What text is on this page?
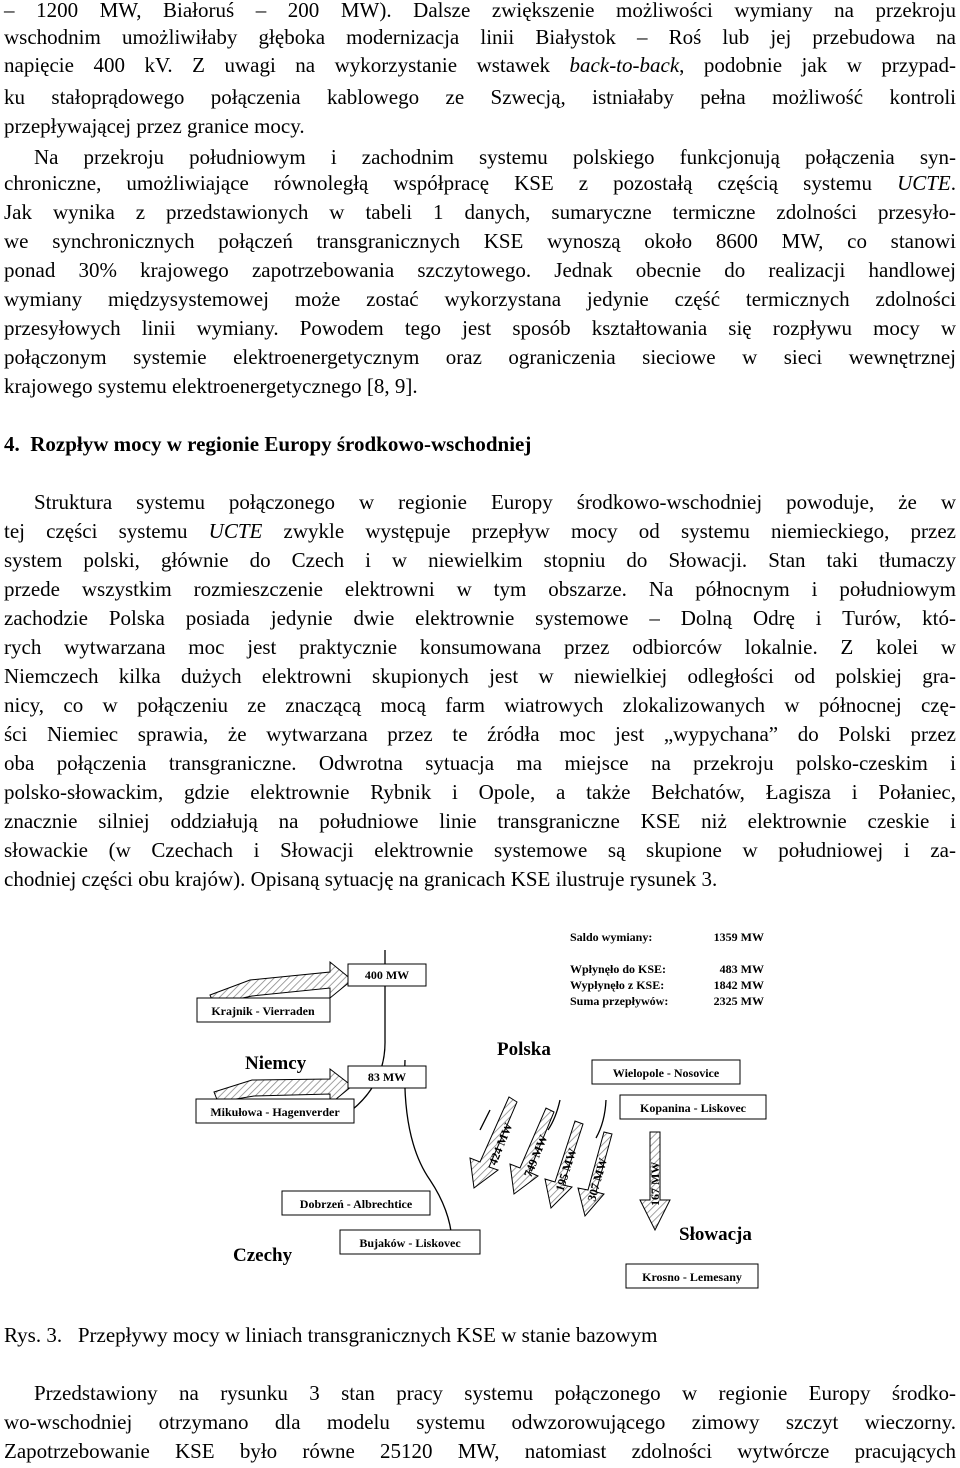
– 1200 MW, Białoruś – 200 MW). Dalsze zwiększenie możliwości wymiany na przekroju
wschodnim umożliwiłaby głęboka modernizacja linii Białystok – Roś lub jej przebudowa na
napięcie 400 kV. Z uwagi na wykorzystanie wstawek back-to-back, podobnie jak w przypad-
ku stałoprądowego połączenia kablowego ze Szwecją, istniałaby pełna możliwość kontroli
przepływającej przez granice mocy.
Na przekroju południowym i zachodnim systemu polskiego funkcjonują połączenia syn-
chroniczne, umożliwiające równoległą współpracę KSE z pozostałą częścią systemu UCTE.
Jak wynika z przedstawionych w tabeli 1 danych, sumaryczne termiczne zdolności przesyło-
we synchronicznych połączeń transgranicznych KSE wynoszą około 8600 MW, co stanowi
ponad 30% krajowego zapotrzebowania szczytowego. Jednak obecnie do realizacji handlowej
wymiany międzysystemowej może zostać wykorzystana jedynie część termicznych zdolności
przesyłowych linii wymiany. Powodem tego jest sposób kształtowania się rozpływu mocy w
połączonym systemie elektroenergetycznym oraz ograniczenia sieciowe w sieci wewnętrznej
krajowego systemu elektroenergetycznego [8, 9].
4. Rozpływ mocy w regionie Europy środkowo-wschodniej
Struktura systemu połączonego w regionie Europy środkowo-wschodniej powoduje, że w
tej części systemu UCTE zwykle występuje przepływ mocy od systemu niemieckiego, przez
system polski, głównie do Czech i w niewielkim stopniu do Słowacji. Stan taki tłumaczy
przede wszystkim rozmieszczenie elektrowni w tym obszarze. Na północnym i południowym
zachodzie Polska posiada jedynie dwie elektrownie systemowe – Dolną Odrę i Turów, któ-
rych wytwarzana moc jest praktycznie konsumowana przez odbiorców lokalnie. Z kolei w
Niemczech kilka dużych elektrowni skupionych jest w niewielkiej odległości od polskiej gra-
nicy, co w połączeniu ze znaczącą mocą farm wiatrowych zlokalizowanych w północnej czę-
ści Niemiec sprawia, że wytwarzana przez te źródła moc jest „wypychana” do Polski przez
oba połączenia transgraniczne. Odwrotna sytuacja ma miejsce na przekroju polsko-czeskim i
polsko-słowackim, gdzie elektrownie Rybnik i Opole, a także Bełchatów, Łagisza i Połaniec,
znacznie silniej oddziałują na południowe linie transgraniczne KSE niż elektrownie czeskie i
słowackie (w Czechach i Słowacji elektrownie systemowe są skupione w południowej i za-
chodniej części obu krajów). Opisaną sytuację na granicach KSE ilustruje rysunek 3.
Saldo wymiany:	1359 MW
Wpłynęło do KSE:	483 MW
Wypłynęło z KSE:	1842 MW
Suma przepływów:	2325 MW
400 MW
83 MW
424 MW 749 MW 195 MW 307 MW	167 MW
Krajnik - Vierraden
Mikułowa - Hagenverder
Dobrzeń - Albrechtice
Bujaków - Liskovec
Wielopole - Nosovice
Kopanina - Liskovec
Krosno - Lemesany
Niemcy
Polska
Czechy
Słowacja
Rys. 3. Przepływy mocy w liniach transgranicznych KSE w stanie bazowym
Przedstawiony na rysunku 3 stan pracy systemu połączonego w regionie Europy środko-
wo-wschodniej otrzymano dla modelu systemu odwzorowującego zimowy szczyt wieczorny.
Zapotrzebowanie KSE było równe 25120 MW, natomiast zdolności wytwórcze pracujących
